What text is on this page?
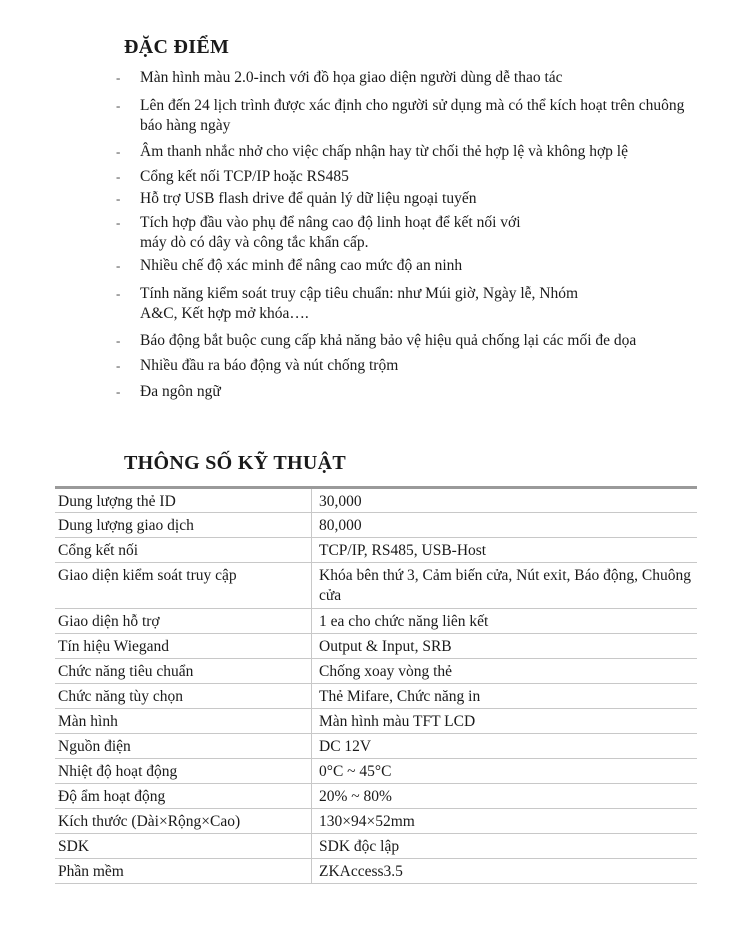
ĐẶC ĐIỂM
- Màn hình màu 2.0-inch với đồ họa giao diện người dùng dễ thao tác
- Lên đến 24 lịch trình được xác định cho người sử dụng mà có thể kích hoạt trên chuông
báo hàng ngày
- Âm thanh nhắc nhở cho việc chấp nhận hay từ chối thẻ hợp lệ và không hợp lệ
- Cổng kết nối TCP/IP hoặc RS485
- Hỗ trợ USB flash drive để quản lý dữ liệu ngoại tuyến
- Tích hợp đầu vào phụ để nâng cao độ linh hoạt để kết nối với
máy dò có dây và công tắc khẩn cấp.
- Nhiều chế độ xác minh để nâng cao mức độ an ninh
- Tính năng kiểm soát truy cập tiêu chuẩn: như Múi giờ, Ngày lễ, Nhóm
A&C, Kết hợp mở khóa….
- Báo động bắt buộc cung cấp khả năng bảo vệ hiệu quả chống lại các mối đe dọa
- Nhiều đầu ra báo động và nút chống trộm
- Đa ngôn ngữ
THÔNG SỐ KỸ THUẬT
Dung lượng thẻ ID	30,000
Dung lượng giao dịch	80,000
Cổng kết nối	TCP/IP, RS485, USB-Host
Giao diện kiểm soát truy cập	Khóa bên thứ 3, Cảm biến cửa, Nút exit, Báo động, Chuông cửa
Giao diện hỗ trợ	1 ea cho chức năng liên kết
Tín hiệu Wiegand	Output & Input, SRB
Chức năng tiêu chuẩn	Chống xoay vòng thẻ
Chức năng tùy chọn	Thẻ Mifare, Chức năng in
Màn hình	Màn hình màu TFT LCD
Nguồn điện	DC 12V
Nhiệt độ hoạt động	0°C ~ 45°C
Độ ẩm hoạt động	20% ~ 80%
Kích thước (Dài×Rộng×Cao)	130×94×52mm
SDK	SDK độc lập
Phần mềm	ZKAccess3.5
